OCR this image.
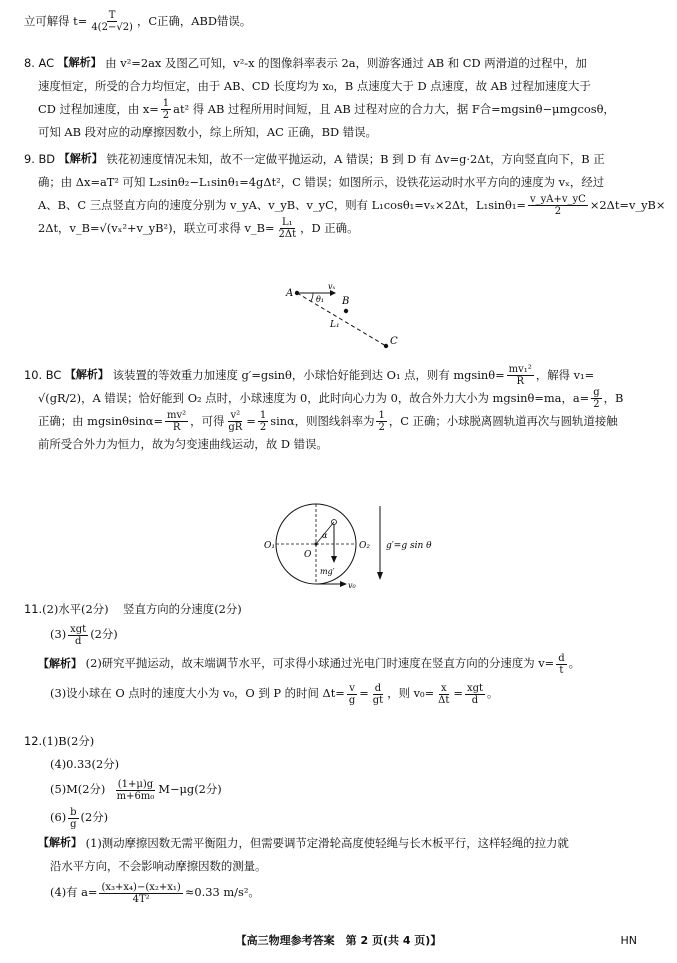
立可解得 $t= \frac{T}{4(2-√2)}$ ，C正确，ABD错误。
8. AC
【解析】
由 v²=2ax 及图乙可知，v²-x 的图像斜率表示 2a，则游客通过 AB 和 CD 两滑道的过程中，加
速度恒定，所受的合力均恒定，由于 AB、CD 长度均为 x₀，B 点速度大于 D 点速度，故 AB 过程加速度大于
CD 过程加速度，由 $x= \frac{1}{2} at^2$ 得 AB 过程所用时间短，且 AB 过程对应的合力大，据 F合=mgsinθ−μmgcosθ，
可知 AB 段对应的动摩擦因数小，综上所知，AC 正确，BD 错误。
9. BD
【解析】
铁花初速度情况未知，故不一定做平抛运动，A 错误；B 到 D 有 Δv=g·2Δt，方向竖直向下，B 正
确；由 Δx=aT² 可知 L₂sinθ₂−L₁sinθ₁=4gΔt²，C 错误；如图所示，设铁花运动时水平方向的速度为 vₓ，经过
A、B、C 三点竖直方向的速度分别为 v_yA、v_yB、v_yC，则有 L₁cosθ₁=vₓ×2Δt，$L_1\sin\theta_1= \frac{v\_yA+v\_yC}{2}$ ×2Δt=v_yB×
2Δt，v_B=√(vₓ²+v_yB²)，联立可求得 v_B= $\frac{\text{L₁}}{2\Delta t}$ ，D 正确。
A
B
C
θ₁
L₁
vₓ
10. BC
【解析】
该装置的等效重力加速度 g′=gsinθ，小球恰好能到达 O₁ 点，则有 $mgsin\theta= \frac{\text{mv₁²}}{R}$ ，解得 v₁=
√(gR/2)，A 错误；恰好能到 O₂ 点时，小球速度为 0，此时向心力为 0，故合外力大小为 mgsinθ=ma，$a= \frac{g}{2}$ ，B
正确；由 $mgsin\theta\sin\alpha= \frac{\text{mv²}}{R}$ ，可得 $\frac{\text{v²}}{gR} = \frac{1}{2}$ sinα，则图线斜率为 $\frac{1}{2}$ ，C 正确；小球脱离圆轨道再次与圆轨道接触
前所受合外力为恒力，故为匀变速曲线运动，故 D 错误。
O₁
O
O₂
α
mg′
v₀
g′=g sin θ
11. (2)水平(2分)
竖直方向的分速度(2分)
$(3) \frac{\text{xgt}}{d} (2$分)
【解析】
(2)研究平抛运动，故末端调节水平，可求得小球通过光电门时速度在竖直方向的分速度为 $v= \frac{d}{t}$ 。
(3)设小球在 O 点时的速度大小为 v₀，O 到 P 的时间 $\Delta t= \frac{v}{g} = \frac{d}{gt}$ ，则 $v_0= \frac{x}{\Delta t} = \frac{\text{xgt}}{d}$ 。
12. (1)B(2分)
(4)0.33(2分)
(5)M(2分)
$\frac{(1+\mu)g}{\text{m+6m₀}} M-\mu g(2$分)
$(6) \frac{b}{g} (2$分)
【解析】
(1)测动摩擦因数无需平衡阻力，但需要调节定滑轮高度使轻绳与长木板平行，这样轻绳的拉力就
沿水平方向，不会影响动摩擦因数的测量。
(4)有 $a= \frac{\text{(x₃+x₄)−(x₂+x₁)}}{\text{4T²}} \approx 0.33$ m/s²。
【高三物理参考答案　第 2 页(共 4 页)】	HN
